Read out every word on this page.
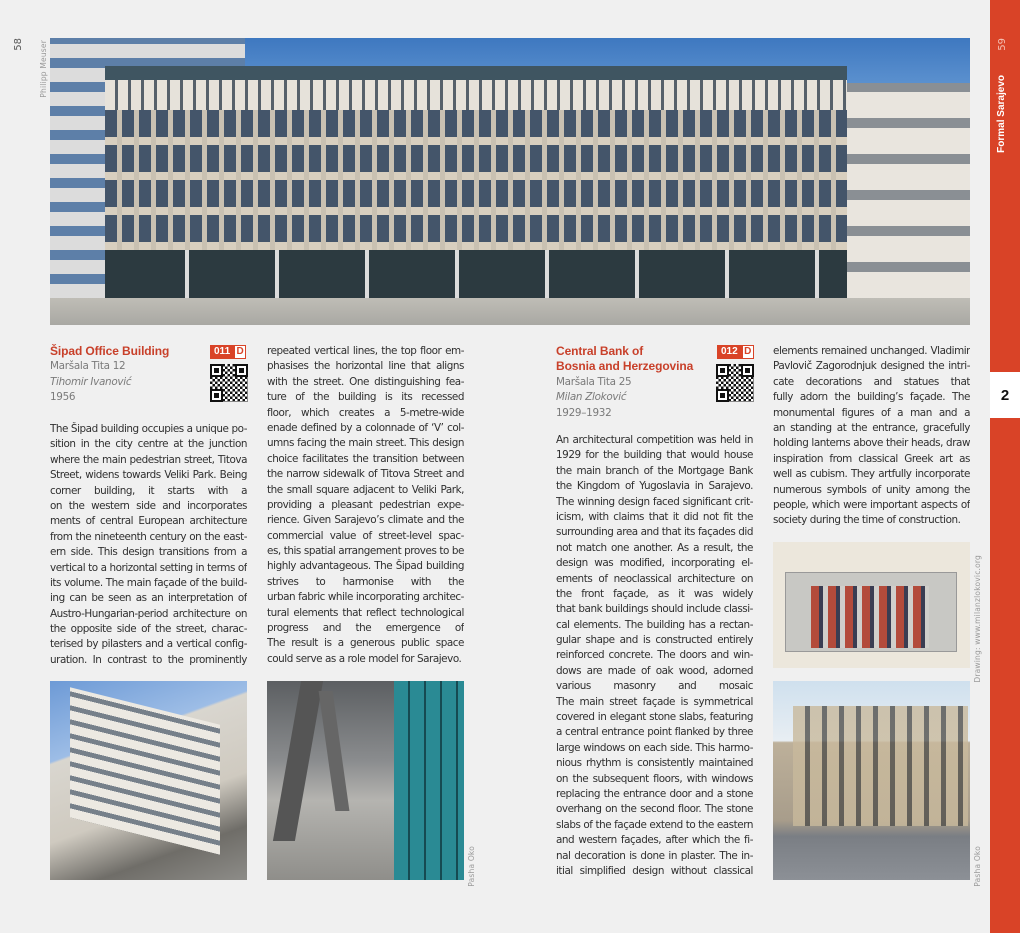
58 Philipp Meuser	59
Formal Sarajevo
2
Šipad Office Building
Maršala Tita 12
Tihomir Ivanović
1956
011 D	Central Bank of
Bosnia and Herzegovina
Maršala Tita 25
Milan Zloković
1929–1932
012 D
The Šipad building occupies a unique po-
sition in the city centre at the junction
where the main pedestrian street, Titova
Street, widens towards Veliki Park. Being
corner building, it starts with a
on the western side and incorporates
ments of central European architecture
from the nineteenth century on the east-
ern side. This design transitions from a
vertical to a horizontal setting in terms of
its volume. The main façade of the build-
ing can be seen as an interpretation of
Austro-Hungarian-period architecture on
the opposite side of the street, charac-
terised by pilasters and a vertical config-
uration. In contrast to the prominently
repeated vertical lines, the top floor em-
phasises the horizontal line that aligns
with the street. One distinguishing fea-
ture of the building is its recessed
floor, which creates a 5-metre-wide
enade defined by a colonnade of ‘V’ col-
umns facing the main street. This design
choice facilitates the transition between
the narrow sidewalk of Titova Street and
the small square adjacent to Veliki Park,
providing a pleasant pedestrian expe-
rience. Given Sarajevo’s climate and the
commercial value of street-level spac-
es, this spatial arrangement proves to be
highly advantageous. The Šipad building
strives to harmonise with the
urban fabric while incorporating architec-
tural elements that reflect technological
progress and the emergence of
The result is a generous public space
could serve as a role model for Sarajevo.
An architectural competition was held in
1929 for the building that would house
the main branch of the Mortgage Bank
the Kingdom of Yugoslavia in Sarajevo.
The winning design faced significant crit-
icism, with claims that it did not fit the
surrounding area and that its façades did
not match one another. As a result, the
design was modified, incorporating el-
ements of neoclassical architecture on
the front façade, as it was widely
that bank buildings should include classi-
cal elements. The building has a rectan-
gular shape and is constructed entirely
reinforced concrete. The doors and win-
dows are made of oak wood, adorned
various masonry and mosaic
The main street façade is symmetrical
covered in elegant stone slabs, featuring
a central entrance point flanked by three
large windows on each side. This harmo-
nious rhythm is consistently maintained
on the subsequent floors, with windows
replacing the entrance door and a stone
overhang on the second floor. The stone
slabs of the façade extend to the eastern
and western façades, after which the fi-
nal decoration is done in plaster. The in-
itial simplified design without classical
elements remained unchanged. Vladimir
Pavlovič Zagorodnjuk designed the intri-
cate decorations and statues that
fully adorn the building’s façade. The
monumental figures of a man and a
an standing at the entrance, gracefully
holding lanterns above their heads, draw
inspiration from classical Greek art as
well as cubism. They artfully incorporate
numerous symbols of unity among the
people, which were important aspects of
society during the time of construction.
Pasha Oko
Drawing: www.milanzlokovic.org
Pasha Oko
